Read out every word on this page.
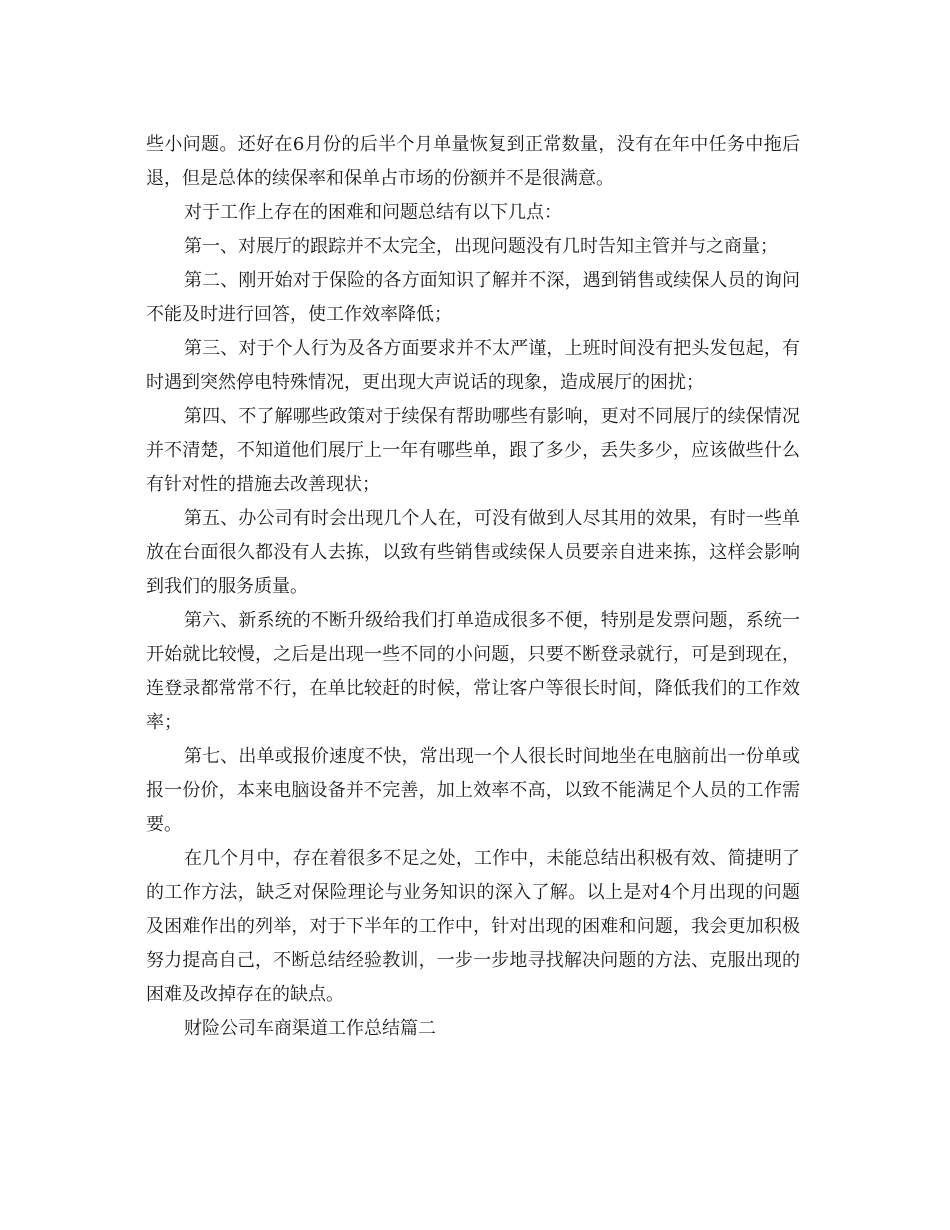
些小问题。还好在6月份的后半个月单量恢复到正常数量，没有在年中任务中拖后退，但是总体的续保率和保单占市场的份额并不是很满意。

对于工作上存在的困难和问题总结有以下几点：

第一、对展厅的跟踪并不太完全，出现问题没有几时告知主管并与之商量；

第二、刚开始对于保险的各方面知识了解并不深，遇到销售或续保人员的询问不能及时进行回答，使工作效率降低；

第三、对于个人行为及各方面要求并不太严谨，上班时间没有把头发包起，有时遇到突然停电特殊情况，更出现大声说话的现象，造成展厅的困扰；

第四、不了解哪些政策对于续保有帮助哪些有影响，更对不同展厅的续保情况并不清楚，不知道他们展厅上一年有哪些单，跟了多少，丢失多少，应该做些什么有针对性的措施去改善现状；

第五、办公司有时会出现几个人在，可没有做到人尽其用的效果，有时一些单放在台面很久都没有人去拣，以致有些销售或续保人员要亲自进来拣，这样会影响到我们的服务质量。

第六、新系统的不断升级给我们打单造成很多不便，特别是发票问题，系统一开始就比较慢，之后是出现一些不同的小问题，只要不断登录就行，可是到现在，连登录都常常不行，在单比较赶的时候，常让客户等很长时间，降低我们的工作效率；

第七、出单或报价速度不快，常出现一个人很长时间地坐在电脑前出一份单或报一份价，本来电脑设备并不完善，加上效率不高，以致不能满足个人员的工作需要。

在几个月中，存在着很多不足之处，工作中，未能总结出积极有效、简捷明了的工作方法，缺乏对保险理论与业务知识的深入了解。以上是对4个月出现的问题及困难作出的列举，对于下半年的工作中，针对出现的困难和问题，我会更加积极努力提高自己，不断总结经验教训，一步一步地寻找解决问题的方法、克服出现的困难及改掉存在的缺点。

财险公司车商渠道工作总结篇二
